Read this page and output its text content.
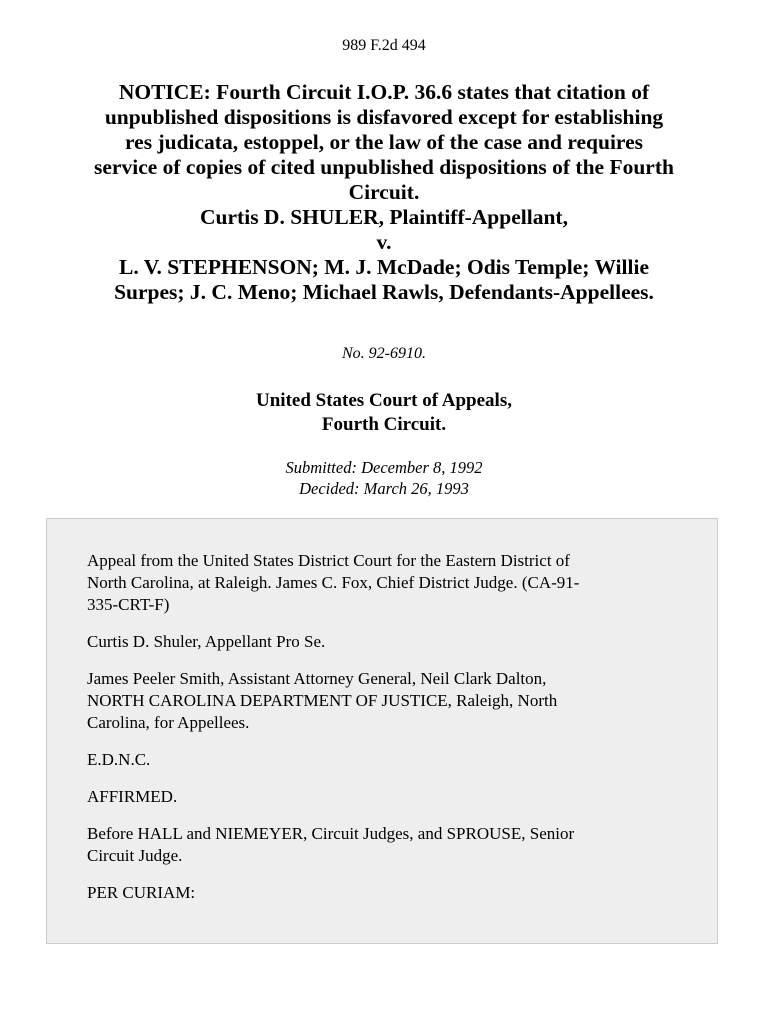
989 F.2d 494
NOTICE: Fourth Circuit I.O.P. 36.6 states that citation of
unpublished dispositions is disfavored except for establishing
res judicata, estoppel, or the law of the case and requires
service of copies of cited unpublished dispositions of the Fourth
Circuit.
Curtis D. SHULER, Plaintiff-Appellant,
v.
L. V. STEPHENSON; M. J. McDade; Odis Temple; Willie
Surpes; J. C. Meno; Michael Rawls, Defendants-Appellees.
No. 92-6910.
United States Court of Appeals,
Fourth Circuit.
Submitted: December 8, 1992
Decided: March 26, 1993

Appeal from the United States District Court for the Eastern District of
North Carolina, at Raleigh. James C. Fox, Chief District Judge. (CA-91-
335-CRT-F)

Curtis D. Shuler, Appellant Pro Se.

James Peeler Smith, Assistant Attorney General, Neil Clark Dalton,
NORTH CAROLINA DEPARTMENT OF JUSTICE, Raleigh, North
Carolina, for Appellees.

E.D.N.C.

AFFIRMED.

Before HALL and NIEMEYER, Circuit Judges, and SPROUSE, Senior
Circuit Judge.

PER CURIAM:
